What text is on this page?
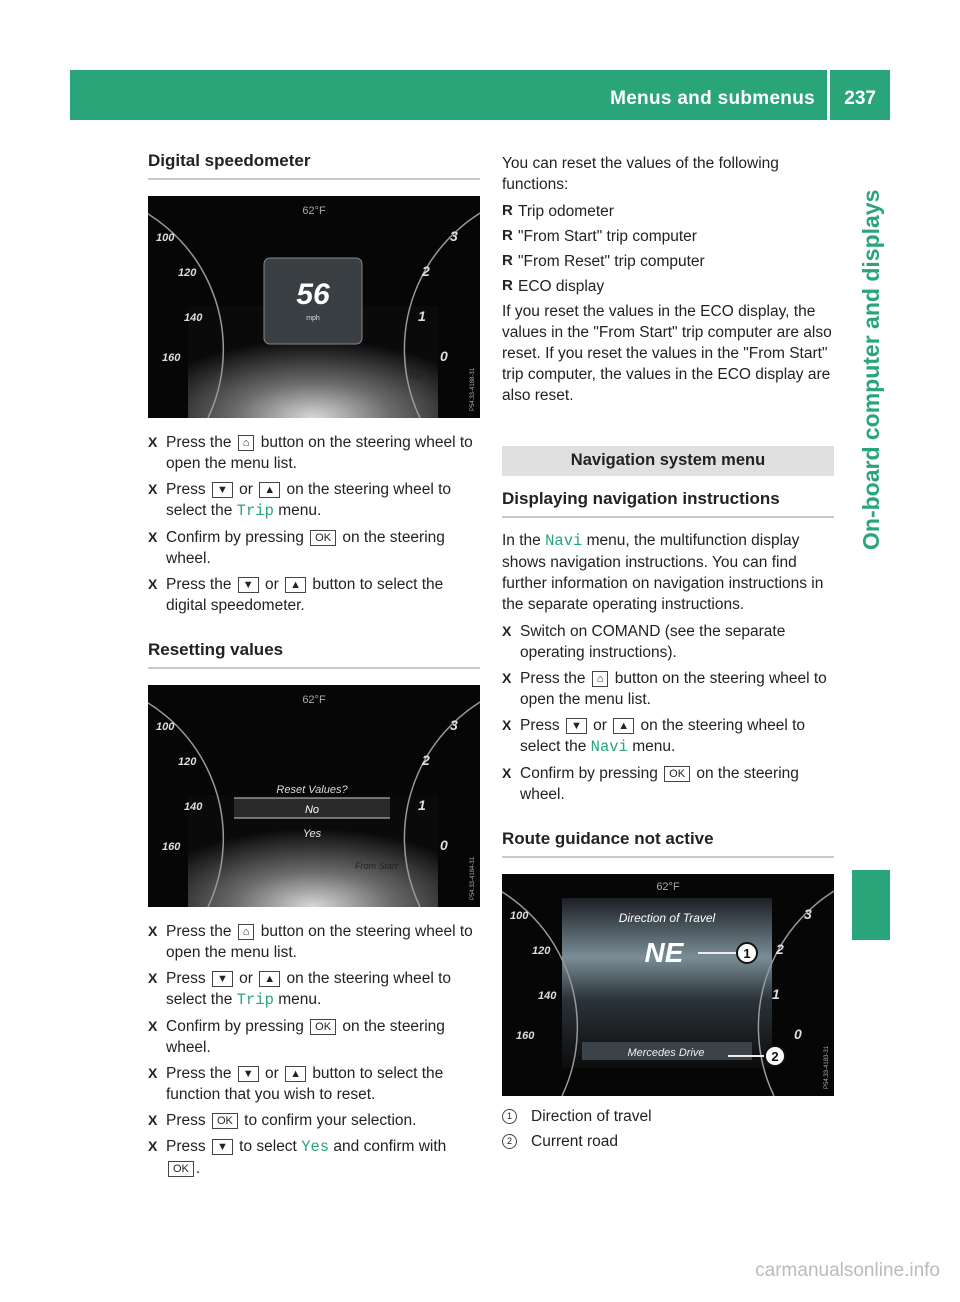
Menus and submenus 237
On-board computer and displays
Digital speedometer
62°F
100
120
140
160
3
2
1
0
56
mph
Trip	P54.33-4188-31
X Press the ⌂ button on the steering wheel to open the menu list.
X Press ▼ or ▲ on the steering wheel to select the Trip menu.
X Confirm by pressing OK on the steering wheel.
X Press the ▼ or ▲ button to select the digital speedometer.
Resetting values
62°F
100
120
140
160
3
2
1
0
Reset Values?
No
Yes
From Start	P54.33-4184-31
X Press the ⌂ button on the steering wheel to open the menu list.
X Press ▼ or ▲ on the steering wheel to select the Trip menu.
X Confirm by pressing OK on the steering wheel.
X Press the ▼ or ▲ button to select the function that you wish to reset.
X Press OK to confirm your selection.
X Press ▼ to select Yes and confirm with OK .
You can reset the values of the following functions:
R Trip odometer
R "From Start" trip computer
R "From Reset" trip computer
R ECO display
If you reset the values in the ECO display, the values in the "From Start" trip computer are also reset. If you reset the values in the "From Start" trip computer, the values in the ECO display are also reset.
Navigation system menu
Displaying navigation instructions
In the Navi menu, the multifunction display shows navigation instructions. You can find further information on navigation instructions in the separate operating instructions.
X Switch on COMAND (see the separate operating instructions).
X Press the ⌂ button on the steering wheel to open the menu list.
X Press ▼ or ▲ on the steering wheel to select the Navi menu.
X Confirm by pressing OK on the steering wheel.
Route guidance not active
62°F
100
120
140
160
3
2
1
0
Direction of Travel
NE	1
Mercedes Drive	2	P54.33-4183-31
1	Direction of travel
2	Current road
carmanualsonline.info
